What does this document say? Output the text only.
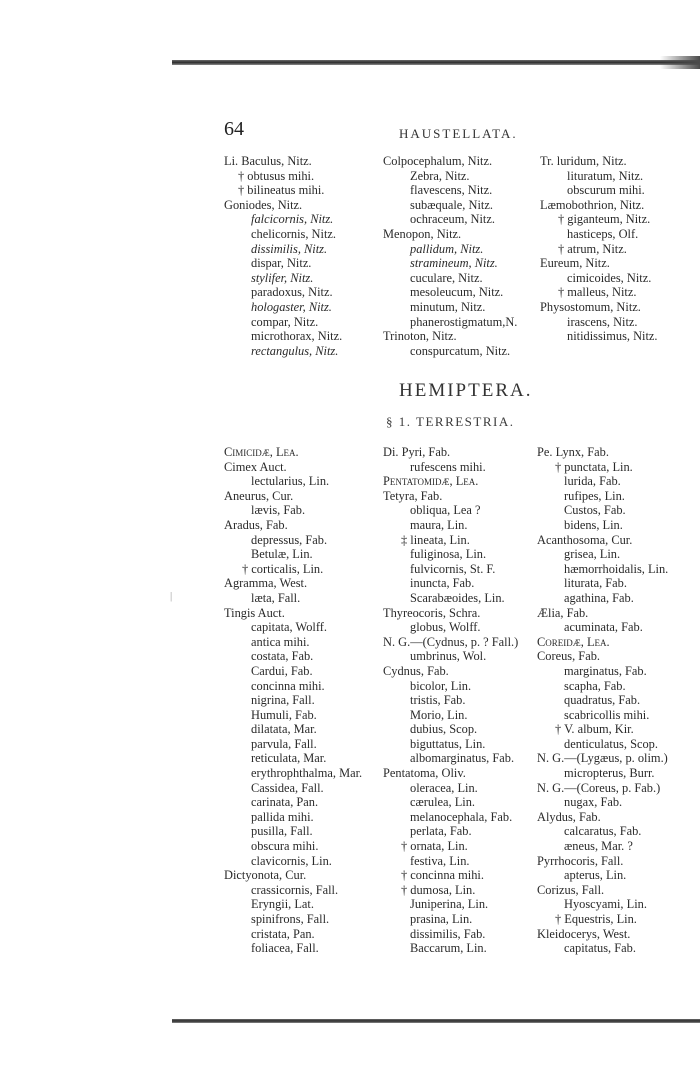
64	HAUSTELLATA.
Li. Baculus, Nitz.
† obtusus mihi.
† bilineatus mihi.
Goniodes, Nitz.
falcicornis, Nitz.
chelicornis, Nitz.
dissimilis, Nitz.
dispar, Nitz.
stylifer, Nitz.
paradoxus, Nitz.
hologaster, Nitz.
compar, Nitz.
microthorax, Nitz.
rectangulus, Nitz.
Colpocephalum, Nitz.
Zebra, Nitz.
flavescens, Nitz.
subæquale, Nitz.
ochraceum, Nitz.
Menopon, Nitz.
pallidum, Nitz.
stramineum, Nitz.
cuculare, Nitz.
mesoleucum, Nitz.
minutum, Nitz.
phanerostigmatum,N.
Trinoton, Nitz.
conspurcatum, Nitz.
Tr. luridum, Nitz.
lituratum, Nitz.
obscurum mihi.
Læmobothrion, Nitz.
† giganteum, Nitz.
hasticeps, Olf.
† atrum, Nitz.
Eureum, Nitz.
cimicoides, Nitz.
† malleus, Nitz.
Physostomum, Nitz.
irascens, Nitz.
nitidissimus, Nitz.
HEMIPTERA.
§ 1. TERRESTRIA.
|
Cimicidæ, Lea.
Cimex Auct.
lectularius, Lin.
Aneurus, Cur.
lævis, Fab.
Aradus, Fab.
depressus, Fab.
Betulæ, Lin.
† corticalis, Lin.
Agramma, West.
læta, Fall.
Tingis Auct.
capitata, Wolff.
antica mihi.
costata, Fab.
Cardui, Fab.
concinna mihi.
nigrina, Fall.
Humuli, Fab.
dilatata, Mar.
parvula, Fall.
reticulata, Mar.
erythrophthalma, Mar.
Cassidea, Fall.
carinata, Pan.
pallida mihi.
pusilla, Fall.
obscura mihi.
clavicornis, Lin.
Dictyonota, Cur.
crassicornis, Fall.
Eryngii, Lat.
spinifrons, Fall.
cristata, Pan.
foliacea, Fall.
Di. Pyri, Fab.
rufescens mihi.
Pentatomidæ, Lea.
Tetyra, Fab.
obliqua, Lea ?
maura, Lin.
‡ lineata, Lin.
fuliginosa, Lin.
fulvicornis, St. F.
inuncta, Fab.
Scarabæoides, Lin.
Thyreocoris, Schra.
globus, Wolff.
N. G.—(Cydnus, p. ? Fall.)
umbrinus, Wol.
Cydnus, Fab.
bicolor, Lin.
tristis, Fab.
Morio, Lin.
dubius, Scop.
biguttatus, Lin.
albomarginatus, Fab.
Pentatoma, Oliv.
oleracea, Lin.
cærulea, Lin.
melanocephala, Fab.
perlata, Fab.
† ornata, Lin.
festiva, Lin.
† concinna mihi.
† dumosa, Lin.
Juniperina, Lin.
prasina, Lin.
dissimilis, Fab.
Baccarum, Lin.
Pe. Lynx, Fab.
† punctata, Lin.
lurida, Fab.
rufipes, Lin.
Custos, Fab.
bidens, Lin.
Acanthosoma, Cur.
grisea, Lin.
hæmorrhoidalis, Lin.
liturata, Fab.
agathina, Fab.
Ælia, Fab.
acuminata, Fab.
Coreidæ, Lea.
Coreus, Fab.
marginatus, Fab.
scapha, Fab.
quadratus, Fab.
scabricollis mihi.
† V. album, Kir.
denticulatus, Scop.
N. G.—(Lygæus, p. olim.)
micropterus, Burr.
N. G.—(Coreus, p. Fab.)
nugax, Fab.
Alydus, Fab.
calcaratus, Fab.
æneus, Mar. ?
Pyrrhocoris, Fall.
apterus, Lin.
Corizus, Fall.
Hyoscyami, Lin.
† Equestris, Lin.
Kleidocerys, West.
capitatus, Fab.
